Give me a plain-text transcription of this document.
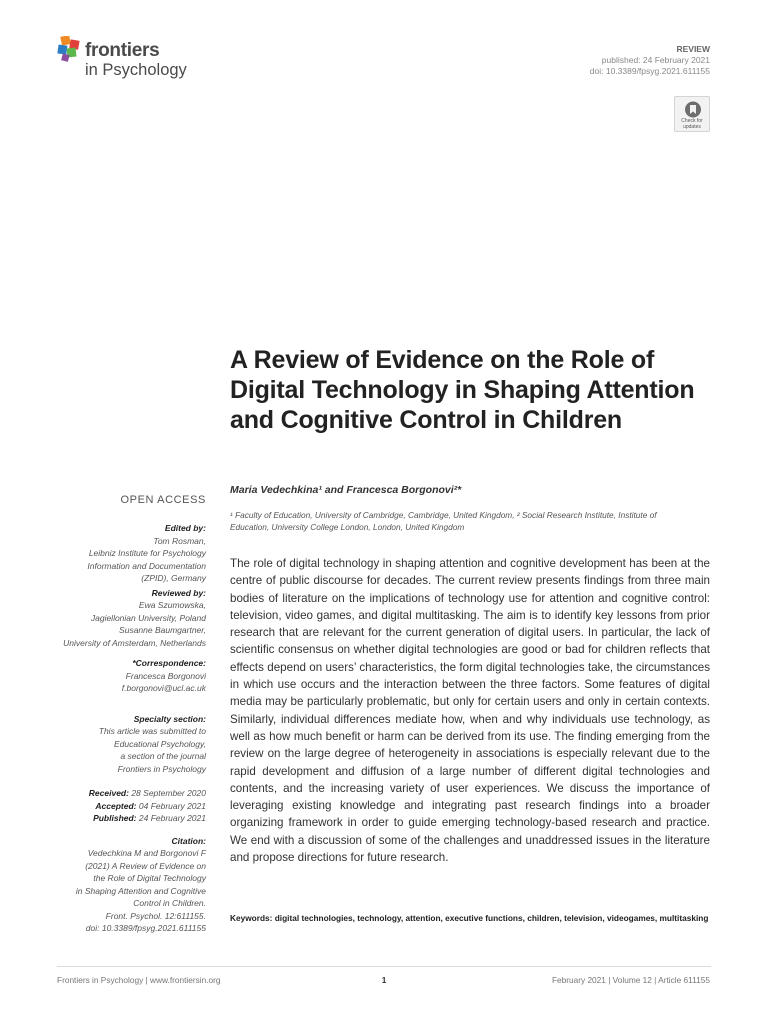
frontiers
in Psychology
REVIEW
published: 24 February 2021
doi: 10.3389/fpsyg.2021.611155
Check for updates
A Review of Evidence on the Role of Digital Technology in Shaping Attention and Cognitive Control in Children
Maria Vedechkina¹ and Francesca Borgonovi²*
¹ Faculty of Education, University of Cambridge, Cambridge, United Kingdom, ² Social Research Institute, Institute of Education, University College London, London, United Kingdom
OPEN ACCESS
Edited by:
Tom Rosman,
Leibniz Institute for Psychology
Information and Documentation
(ZPID), Germany
Reviewed by:
Ewa Szumowska,
Jagiellonian University, Poland
Susanne Baumgartner,
University of Amsterdam, Netherlands
*Correspondence:
Francesca Borgonovi
f.borgonovi@ucl.ac.uk
Specialty section:
This article was submitted to
Educational Psychology,
a section of the journal
Frontiers in Psychology
Received: 28 September 2020
Accepted: 04 February 2021
Published: 24 February 2021
Citation:
Vedechkina M and Borgonovi F
(2021) A Review of Evidence on
the Role of Digital Technology
in Shaping Attention and Cognitive
Control in Children.
Front. Psychol. 12:611155.
doi: 10.3389/fpsyg.2021.611155

The role of digital technology in shaping attention and cognitive development has been at the centre of public discourse for decades. The current review presents findings from three main bodies of literature on the implications of technology use for attention and cognitive control: television, video games, and digital multitasking. The aim is to identify key lessons from prior research that are relevant for the current generation of digital users. In particular, the lack of scientific consensus on whether digital technologies are good or bad for children reflects that effects depend on users’ characteristics, the form digital technologies take, the circumstances in which use occurs and the interaction between the three factors. Some features of digital media may be particularly problematic, but only for certain users and only in certain contexts. Similarly, individual differences mediate how, when and why individuals use technology, as well as how much benefit or harm can be derived from its use. The finding emerging from the review on the large degree of heterogeneity in associations is especially relevant due to the rapid development and diffusion of a large number of different digital technologies and contents, and the increasing variety of user experiences. We discuss the importance of leveraging existing knowledge and integrating past research findings into a broader organizing framework in order to guide emerging technology-based research and practice. We end with a discussion of some of the challenges and unaddressed issues in the literature and propose directions for future research.

Keywords: digital technologies, technology, attention, executive functions, children, television, videogames, multitasking
Frontiers in Psychology | www.frontiersin.org	1	February 2021 | Volume 12 | Article 611155
